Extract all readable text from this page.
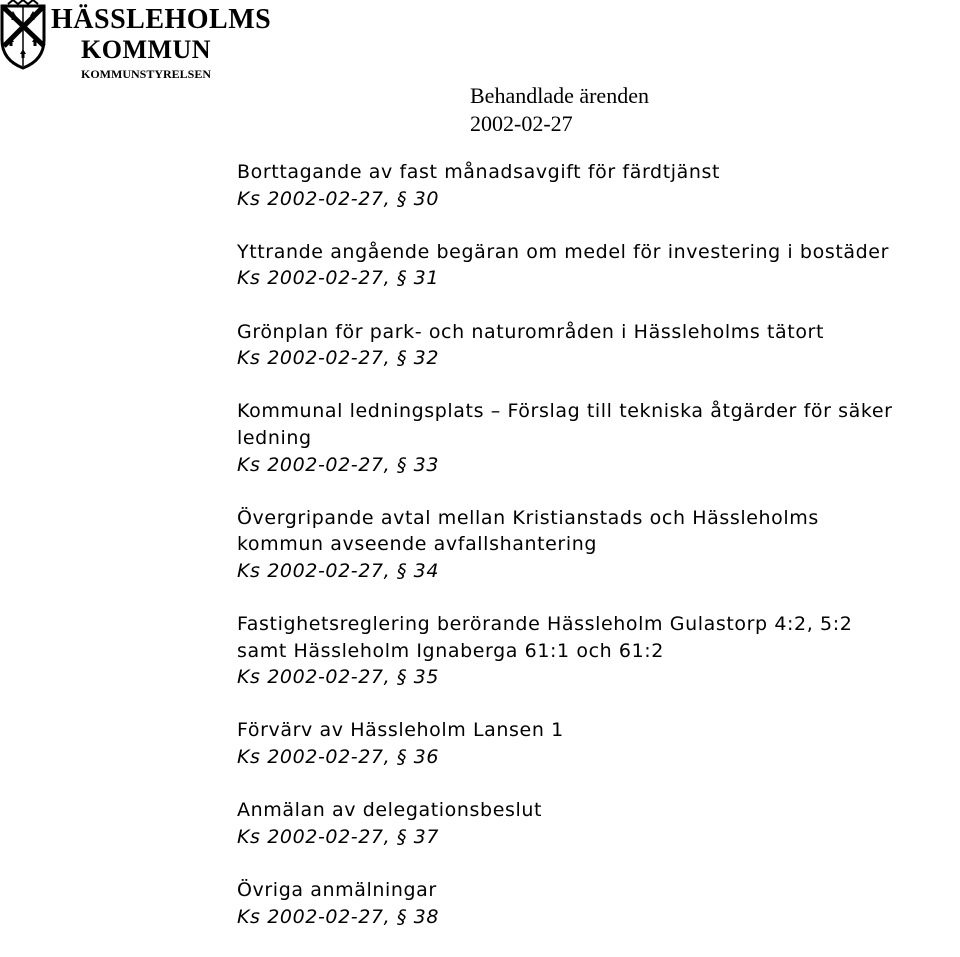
HÄSSLEHOLMS
KOMMUN
KOMMUNSTYRELSEN
Behandlade ärenden
2002-02-27
Borttagande av fast månadsavgift för färdtjänst
Ks 2002-02-27, § 30
Yttrande angående begäran om medel för investering i bostäder
Ks 2002-02-27, § 31
Grönplan för park- och naturområden i Hässleholms tätort
Ks 2002-02-27, § 32
Kommunal ledningsplats – Förslag till tekniska åtgärder för säker
ledning
Ks 2002-02-27, § 33
Övergripande avtal mellan Kristianstads och Hässleholms
kommun avseende avfallshantering
Ks 2002-02-27, § 34
Fastighetsreglering berörande Hässleholm Gulastorp 4:2, 5:2
samt Hässleholm Ignaberga 61:1 och 61:2
Ks 2002-02-27, § 35
Förvärv av Hässleholm Lansen 1
Ks 2002-02-27, § 36
Anmälan av delegationsbeslut
Ks 2002-02-27, § 37
Övriga anmälningar
Ks 2002-02-27, § 38
